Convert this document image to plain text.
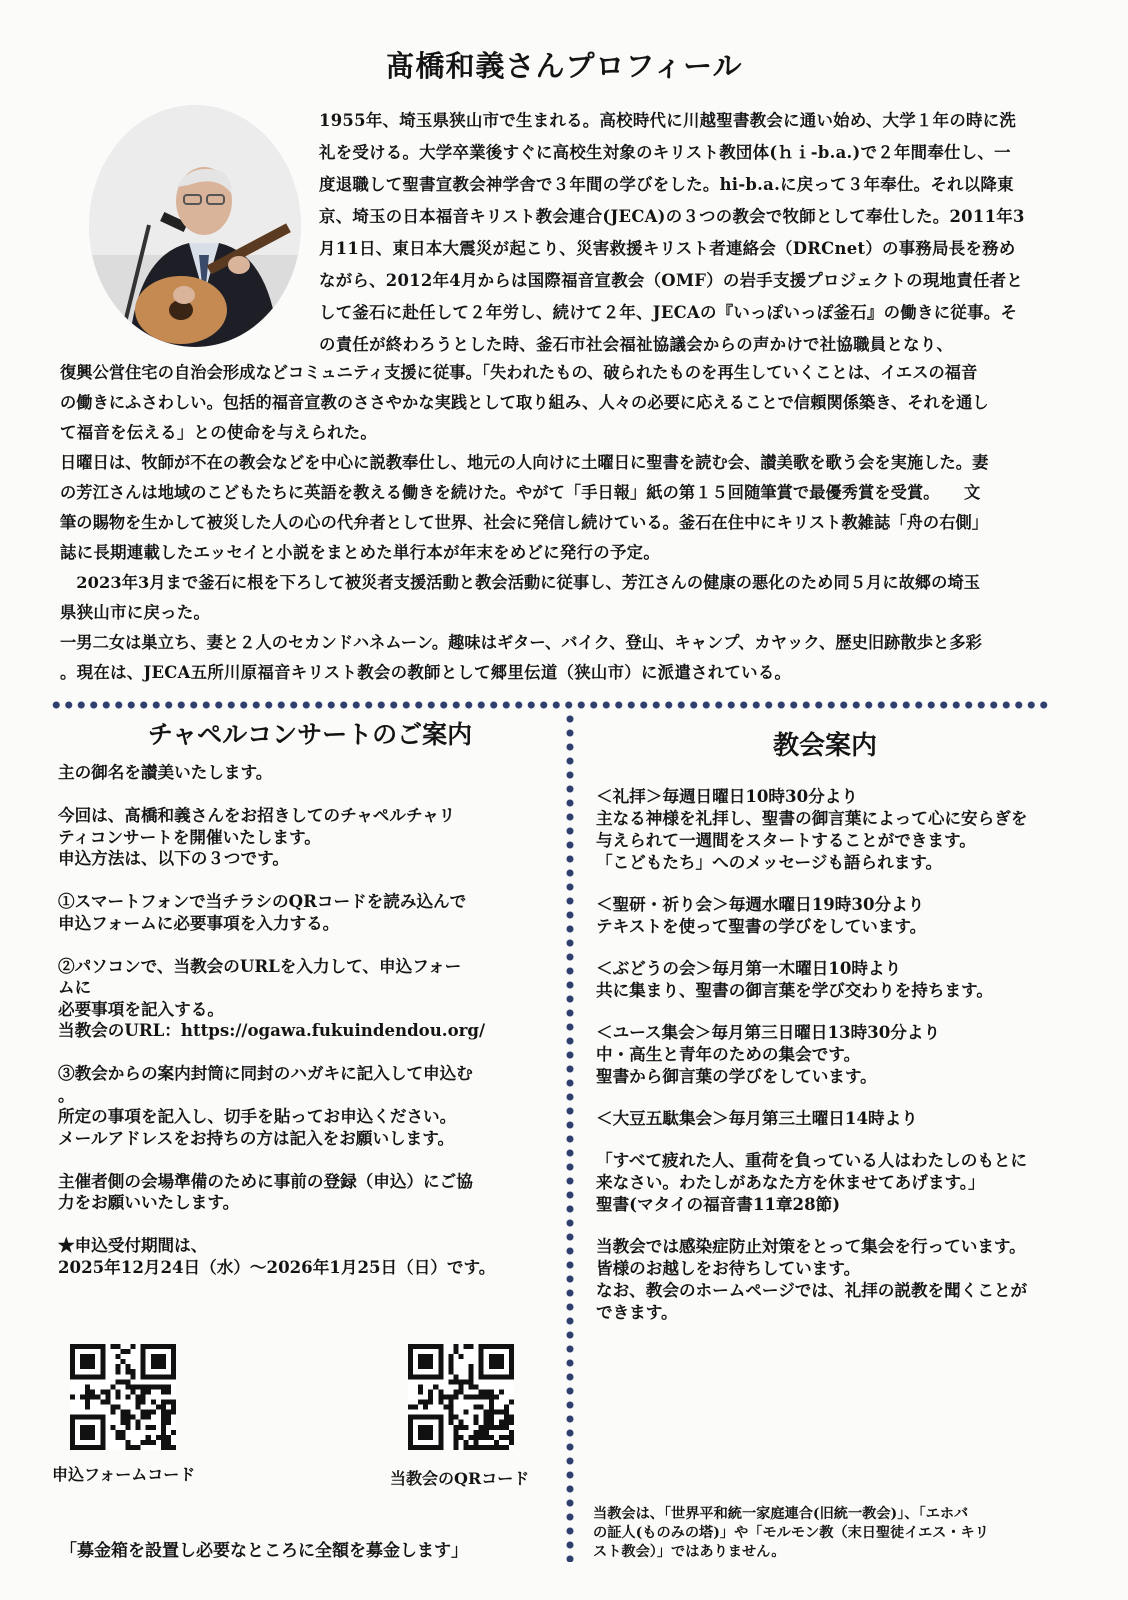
髙橋和義さんプロフィール
1955年、埼玉県狭山市で生まれる。高校時代に川越聖書教会に通い始め、大学１年の時に洗
礼を受ける。大学卒業後すぐに高校生対象のキリスト教団体(ｈｉ-b.a.)で２年間奉仕し、一
度退職して聖書宣教会神学舎で３年間の学びをした。hi-b.a.に戻って３年奉仕。それ以降東
京、埼玉の日本福音キリスト教会連合(JECA)の３つの教会で牧師として奉仕した。2011年3
月11日、東日本大震災が起こり、災害救援キリスト者連絡会（DRCnet）の事務局長を務め
ながら、2012年4月からは国際福音宣教会（OMF）の岩手支援プロジェクトの現地責任者と
して釜石に赴任して２年労し、続けて２年、JECAの『いっぽいっぽ釜石』の働きに従事。そ
の責任が終わろうとした時、釜石市社会福祉協議会からの声かけで社協職員となり、
復興公営住宅の自治会形成などコミュニティ支援に従事。「失われたもの、破られたものを再生していくことは、イエスの福音
の働きにふさわしい。包括的福音宣教のささやかな実践として取り組み、人々の必要に応えることで信頼関係築き、それを通し
て福音を伝える」との使命を与えられた。
日曜日は、牧師が不在の教会などを中心に説教奉仕し、地元の人向けに土曜日に聖書を読む会、讃美歌を歌う会を実施した。妻
の芳江さんは地域のこどもたちに英語を教える働きを続けた。やがて「手日報」紙の第１５回随筆賞で最優秀賞を受賞。　　文
筆の賜物を生かして被災した人の心の代弁者として世界、社会に発信し続けている。釜石在住中にキリスト教雑誌「舟の右側」
誌に長期連載したエッセイと小説をまとめた単行本が年末をめどに発行の予定。
　2023年3月まで釜石に根を下ろして被災者支援活動と教会活動に従事し、芳江さんの健康の悪化のため同５月に故郷の埼玉
県狭山市に戻った。
一男二女は巣立ち、妻と２人のセカンドハネムーン。趣味はギター、バイク、登山、キャンプ、カヤック、歴史旧跡散歩と多彩
。現在は、JECA五所川原福音キリスト教会の教師として郷里伝道（狭山市）に派遣されている。
チャペルコンサートのご案内
主の御名を讃美いたします。
今回は、髙橋和義さんをお招きしてのチャペルチャリ
ティコンサートを開催いたします。
申込方法は、以下の３つです。
①スマートフォンで当チラシのQRコードを読み込んで
申込フォームに必要事項を入力する。
②パソコンで、当教会のURLを入力して、申込フォー
ムに
必要事項を記入する。
当教会のURL：https://ogawa.fukuindendou.org/
③教会からの案内封筒に同封のハガキに記入して申込む
。
所定の事項を記入し、切手を貼ってお申込ください。
メールアドレスをお持ちの方は記入をお願いします。
主催者側の会場準備のために事前の登録（申込）にご協
力をお願いいたします。
★申込受付期間は、
2025年12月24日（水）～2026年1月25日（日）です。
申込フォームコード	当教会のQRコード
「募金箱を設置し必要なところに全額を募金します」
教会案内
＜礼拝＞毎週日曜日10時30分より
主なる神様を礼拝し、聖書の御言葉によって心に安らぎを
与えられて一週間をスタートすることができます。
「こどもたち」へのメッセージも語られます。
＜聖研・祈り会＞毎週水曜日19時30分より
テキストを使って聖書の学びをしています。
＜ぶどうの会＞毎月第一木曜日10時より
共に集まり、聖書の御言葉を学び交わりを持ちます。
＜ユース集会＞毎月第三日曜日13時30分より
中・高生と青年のための集会です。
聖書から御言葉の学びをしています。
＜大豆五駄集会＞毎月第三土曜日14時より
「すべて疲れた人、重荷を負っている人はわたしのもとに
来なさい。わたしがあなた方を休ませてあげます。」
聖書(マタイの福音書11章28節)
当教会では感染症防止対策をとって集会を行っています。
皆様のお越しをお待ちしています。
なお、教会のホームページでは、礼拝の説教を聞くことが
できます。
当教会は、「世界平和統一家庭連合(旧統一教会)」、「エホバ
の証人(ものみの塔)」や「モルモン教（末日聖徒イエス・キリ
スト教会）」ではありません。
